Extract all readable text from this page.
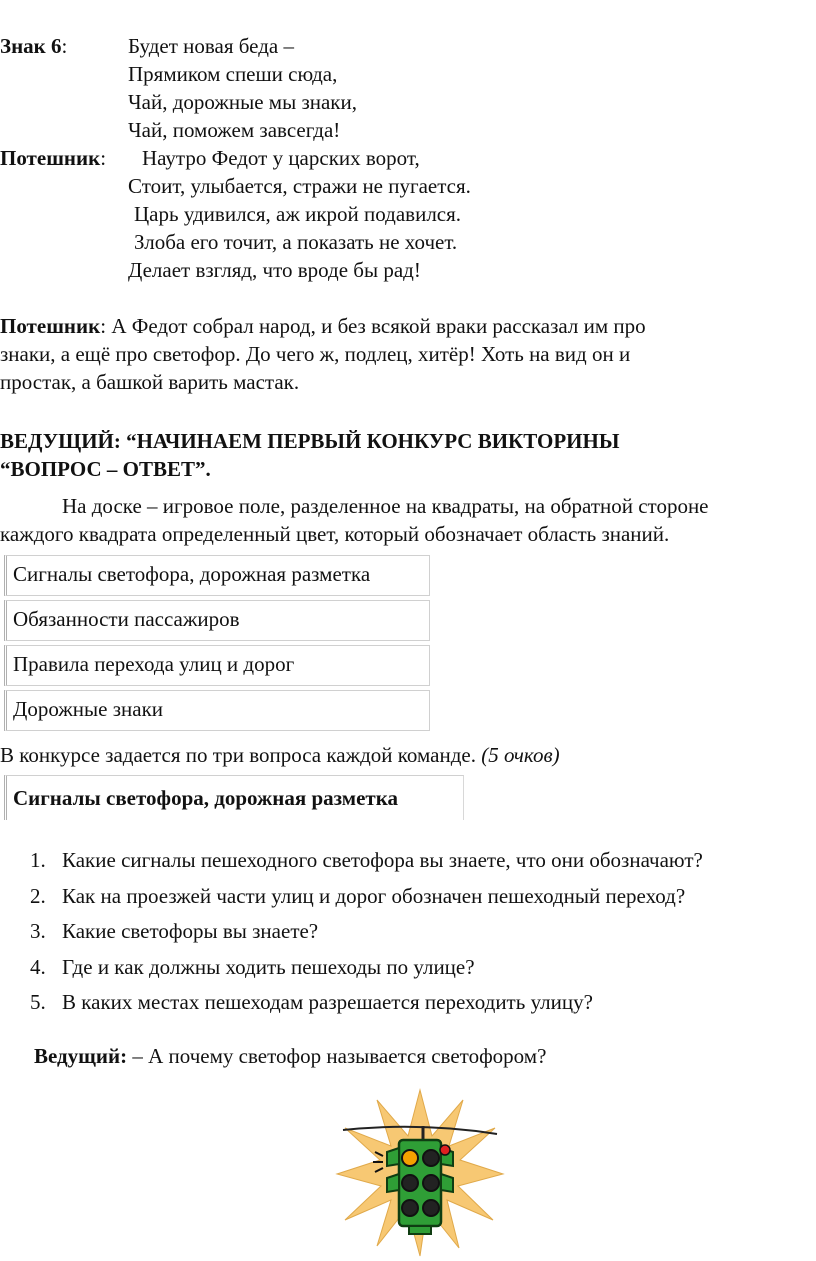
Знак 6:	Будет новая беда –
Прямиком спеши сюда,
Чай, дорожные мы знаки,
Чай, поможем завсегда!
Потешник: Наутро Федот у царских ворот,
Стоит, улыбается, стражи не пугается.
Царь удивился, аж икрой подавился.
Злоба его точит, а показать не хочет.
Делает взгляд, что вроде бы рад!
Потешник: А Федот собрал народ, и без всякой враки рассказал им про
знаки, а ещё про светофор. До чего ж, подлец, хитёр! Хоть на вид он и
простак, а башкой варить мастак.
ВЕДУЩИЙ: “НАЧИНАЕМ ПЕРВЫЙ КОНКУРС ВИКТОРИНЫ
“ВОПРОС – ОТВЕТ”.
На доске – игровое поле, разделенное на квадраты, на обратной стороне
каждого квадрата определенный цвет, который обозначает область знаний.
Сигналы светофора, дорожная разметка
Обязанности пассажиров
Правила перехода улиц и дорог
Дорожные знаки
В конкурсе задается по три вопроса каждой команде. (5 очков)
Сигналы светофора, дорожная разметка
1. Какие сигналы пешеходного светофора вы знаете, что они обозначают?
2. Как на проезжей части улиц и дорог обозначен пешеходный переход?
3. Какие светофоры вы знаете?
4. Где и как должны ходить пешеходы по улице?
5. В каких местах пешеходам разрешается переходить улицу?
Ведущий: – А почему светофор называется светофором?
